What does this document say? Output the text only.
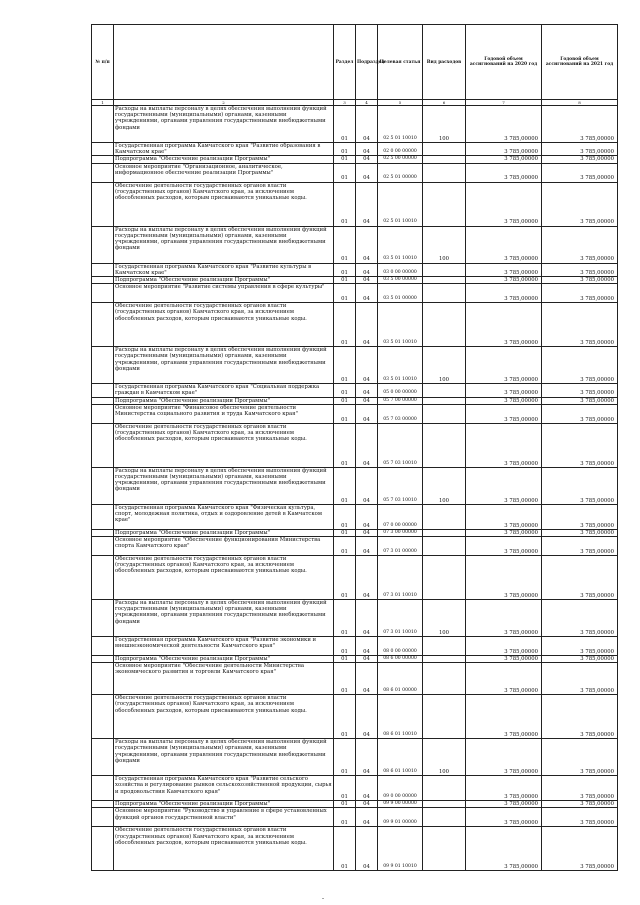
№ п/п		Раздел	Подраздел	Целевая статья	Вид расходов	Годовой объем ассигнований на 2020 год	Годовой объем ассигнований на 2021 год
1	2	3	4	5	6	7	8
	Расходы на выплаты персоналу в целях обеспечения выполнения функций государственными (муниципальными) органами, казенными учреждениями, органами управления государственными внебюджетными фондами	01	04	02 5 01 10010	100	3 785,00000	3 785,00000
	Государственная программа Камчатского края "Развитие образования в Камчатском крае"	01	04	02 0 00 00000		3 785,00000	3 785,00000
	Подпрограмма "Обеспечение реализации Программы"	01	04	02 5 00 00000		3 785,00000	3 785,00000
	Основное мероприятие "Организационное, аналитическое, информационное обеспечение реализации Программы"	01	04	02 5 01 00000		3 785,00000	3 785,00000
	Обеспечение деятельности государственных органов власти (государственных органов) Камчатского края, за исключением обособленных расходов, которым присваиваются уникальные коды.	01	04	02 5 01 10010		3 785,00000	3 785,00000
	Расходы на выплаты персоналу в целях обеспечения выполнения функций государственными (муниципальными) органами, казенными учреждениями, органами управления государственными внебюджетными фондами	01	04	03 5 01 10010	100	3 785,00000	3 785,00000
	Государственная программа Камчатского края "Развитие культуры в Камчатском крае"	01	04	03 0 00 00000		3 785,00000	3 785,00000
	Подпрограмма "Обеспечение реализации Программы"	01	04	03 5 00 00000		3 785,00000	3 785,00000
	Основное мероприятие "Развитие системы управления в сфере культуры"	01	04	03 5 01 00000		3 785,00000	3 785,00000
	Обеспечение деятельности государственных органов власти (государственных органов) Камчатского края, за исключением обособленных расходов, которым присваиваются уникальные коды.	01	04	03 5 01 10010		3 785,00000	3 785,00000
	Расходы на выплаты персоналу в целях обеспечения выполнения функций государственными (муниципальными) органами, казенными учреждениями, органами управления государственными внебюджетными фондами	01	04	03 5 01 10010	100	3 785,00000	3 785,00000
	Государственная программа Камчатского края "Социальная поддержка граждан в Камчатском крае"	01	04	05 0 00 00000		3 785,00000	3 785,00000
	Подпрограмма "Обеспечение реализации Программы"	01	04	05 7 00 00000		3 785,00000	3 785,00000
	Основное мероприятие "Финансовое обеспечение деятельности Министерства социального развития и труда Камчатского края"	01	04	05 7 03 00000		3 785,00000	3 785,00000
	Обеспечение деятельности государственных органов власти (государственных органов) Камчатского края, за исключением обособленных расходов, которым присваиваются уникальные коды.	01	04	05 7 03 10010		3 785,00000	3 785,00000
	Расходы на выплаты персоналу в целях обеспечения выполнения функций государственными (муниципальными) органами, казенными учреждениями, органами управления государственными внебюджетными фондами	01	04	05 7 03 10010	100	3 785,00000	3 785,00000
	Государственная программа Камчатского края "Физическая культура, спорт, молодежная политика, отдых и оздоровление детей в Камчатском крае"	01	04	07 0 00 00000		3 785,00000	3 785,00000
	Подпрограмма "Обеспечение реализации Программы"	01	04	07 3 00 00000		3 785,00000	3 785,00000
	Основное мероприятие "Обеспечение функционирования Министерства спорта Камчатского края"	01	04	07 3 01 00000		3 785,00000	3 785,00000
	Обеспечение деятельности государственных органов власти (государственных органов) Камчатского края, за исключением обособленных расходов, которым присваиваются уникальные коды.	01	04	07 3 01 10010		3 785,00000	3 785,00000
	Расходы на выплаты персоналу в целях обеспечения выполнения функций государственными (муниципальными) органами, казенными учреждениями, органами управления государственными внебюджетными фондами	01	04	07 3 01 10010	100	3 785,00000	3 785,00000
	Государственная программа Камчатского края "Развитие экономики и внешнеэкономической деятельности Камчатского края"	01	04	08 0 00 00000		3 785,00000	3 785,00000
	Подпрограмма "Обеспечение реализации Программы"	01	04	08 6 00 00000		3 785,00000	3 785,00000
	Основное мероприятие "Обеспечение деятельности Министерства экономического развития и торговли Камчатского края"	01	04	08 6 01 00000		3 785,00000	3 785,00000
	Обеспечение деятельности государственных органов власти (государственных органов) Камчатского края, за исключением обособленных расходов, которым присваиваются уникальные коды.	01	04	08 6 01 10010		3 785,00000	3 785,00000
	Расходы на выплаты персоналу в целях обеспечения выполнения функций государственными (муниципальными) органами, казенными учреждениями, органами управления государственными внебюджетными фондами	01	04	08 6 01 10010	100	3 785,00000	3 785,00000
	Государственная программа Камчатского края "Развитие сельского хозяйства и регулирование рынков сельскохозяйственной продукции, сырья и продовольствия Камчатского края"	01	04	09 0 00 00000		3 785,00000	3 785,00000
	Подпрограмма "Обеспечение реализации Программы"	01	04	09 9 00 00000		3 785,00000	3 785,00000
	Основное мероприятие "Руководство и управление в сфере установленных функций органов государственной власти"	01	04	09 9 01 00000		3 785,00000	3 785,00000
	Обеспечение деятельности государственных органов власти (государственных органов) Камчатского края, за исключением обособленных расходов, которым присваиваются уникальные коды.	01	04	09 9 01 10010		3 785,00000	3 785,00000
-
